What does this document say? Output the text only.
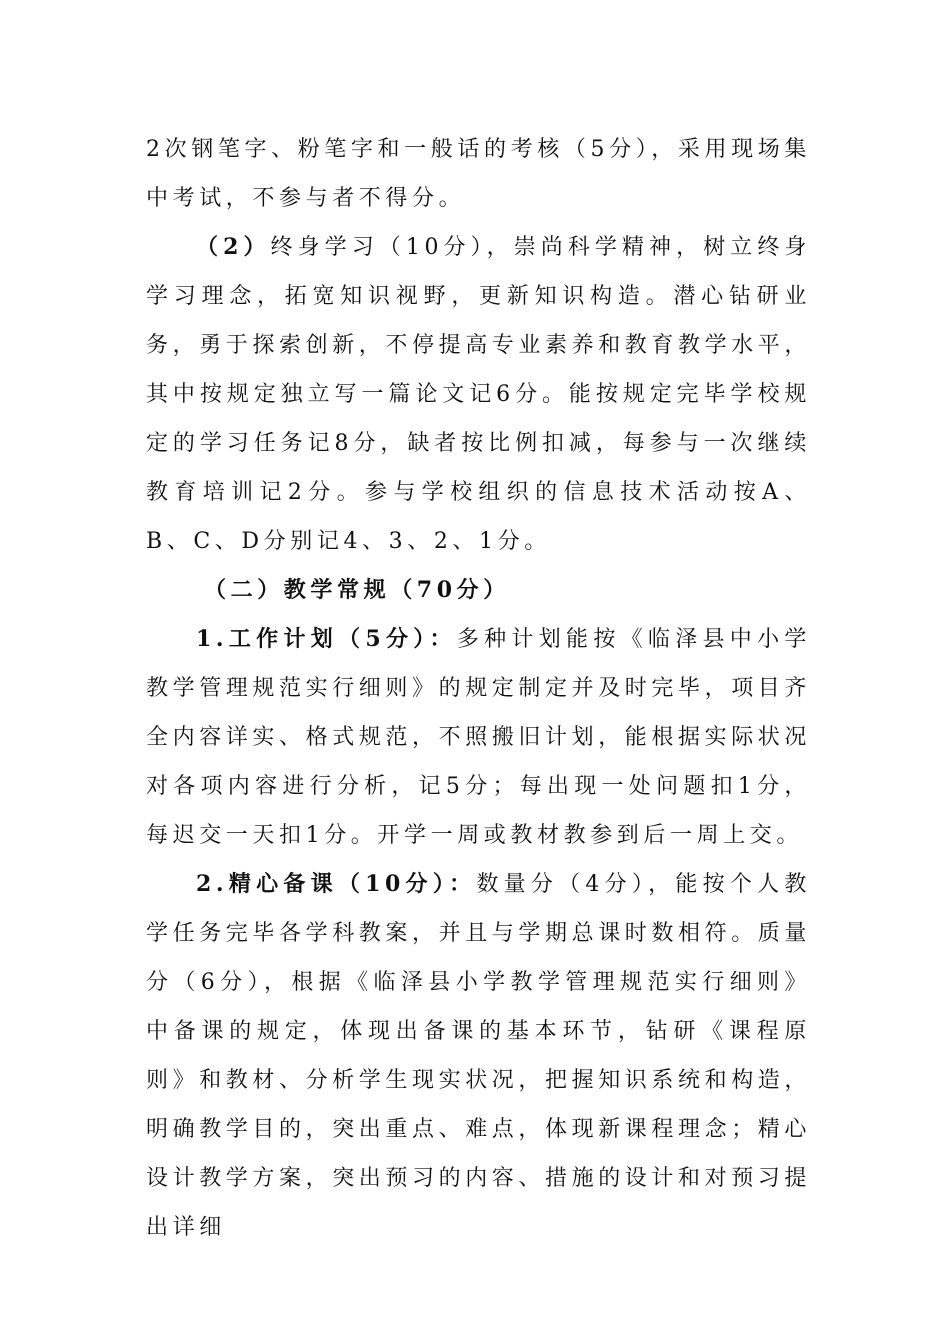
2次钢笔字、粉笔字和一般话的考核（5分），采用现场集中考试，不参与者不得分。

（2）终身学习（10分），崇尚科学精神，树立终身学习理念，拓宽知识视野，更新知识构造。潜心钻研业务，勇于探索创新，不停提高专业素养和教育教学水平，其中按规定独立写一篇论文记6分。能按规定完毕学校规定的学习任务记8分，缺者按比例扣减，每参与一次继续教育培训记2分。参与学校组织的信息技术活动按A、B、C、D分别记4、3、2、1分。

（二）教学常规（70分）

1.工作计划（5分）：多种计划能按《临泽县中小学教学管理规范实行细则》的规定制定并及时完毕，项目齐全内容详实、格式规范，不照搬旧计划，能根据实际状况对各项内容进行分析，记5分；每出现一处问题扣1分，每迟交一天扣1分。开学一周或教材教参到后一周上交。

2.精心备课（10分）：数量分（4分），能按个人教学任务完毕各学科教案，并且与学期总课时数相符。质量分（6分），根据《临泽县小学教学管理规范实行细则》中备课的规定，体现出备课的基本环节，钻研《课程原则》和教材、分析学生现实状况，把握知识系统和构造，明确教学目的，突出重点、难点，体现新课程理念；精心设计教学方案，突出预习的内容、措施的设计和对预习提出详细
